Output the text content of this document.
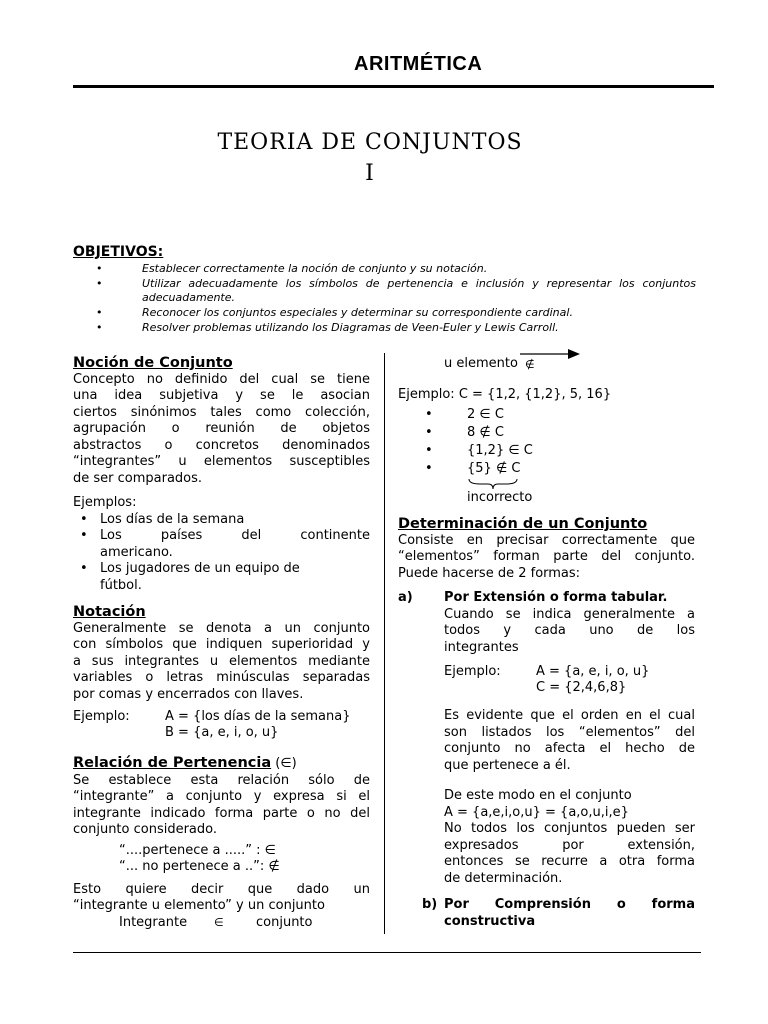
ARITMÉTICA
TEORIA DE CONJUNTOS
I
OBJETIVOS:
•	Establecer correctamente la noción de conjunto y su notación.
•	Utilizar adecuadamente los símbolos de pertenencia e inclusión y representar los conjuntos adecuadamente.
•	Reconocer los conjuntos especiales y determinar su correspondiente cardinal.
•	Resolver problemas utilizando los Diagramas de Veen-Euler y Lewis Carroll.
Noción de Conjunto
Concepto no definido del cual se tiene
una idea subjetiva y se le asocian
ciertos sinónimos tales como colección,
agrupación o reunión de objetos
abstractos o concretos denominados
“integrantes” u elementos susceptibles
de ser comparados.
Ejemplos:
• Los días de la semana
• Los países del continente
americano.
• Los jugadores de un equipo de
fútbol.
Notación
Generalmente se denota a un conjunto
con símbolos que indiquen superioridad y
a sus integrantes u elementos mediante
variables o letras minúsculas separadas
por comas y encerrados con llaves.
Ejemplo:	A = {los días de la semana}
B = {a, e, i, o, u}
Relación de Pertenencia (∈)
Se establece esta relación sólo de
“integrante” a conjunto y expresa si el
integrante indicado forma parte o no del
conjunto considerado.
“....pertenece a .....” : ∈
“... no pertenece a ..”: ∉
Esto quiere decir que dado un
“integrante u elemento” y un conjunto
Integrante ∈ conjunto
u elemento ∉
Ejemplo: C = {1,2, {1,2}, 5, 16}
•	2 ∈ C
•	8 ∉ C
•	{1,2} ∈ C
•	{5} ∉ C
incorrecto
Determinación de un Conjunto
Consiste en precisar correctamente que
“elementos” forman parte del conjunto.
Puede hacerse de 2 formas:
a) Por Extensión o forma tabular.
Cuando se indica generalmente a
todos y cada uno de los
integrantes
Ejemplo:	A = {a, e, i, o, u}
C = {2,4,6,8}
Es evidente que el orden en el cual
son listados los “elementos” del
conjunto no afecta el hecho de
que pertenece a él.
De este modo en el conjunto
A = {a,e,i,o,u} = {a,o,u,i,e}
No todos los conjuntos pueden ser
expresados por extensión,
entonces se recurre a otra forma
de determinación.
b) Por Comprensión o forma
constructiva
